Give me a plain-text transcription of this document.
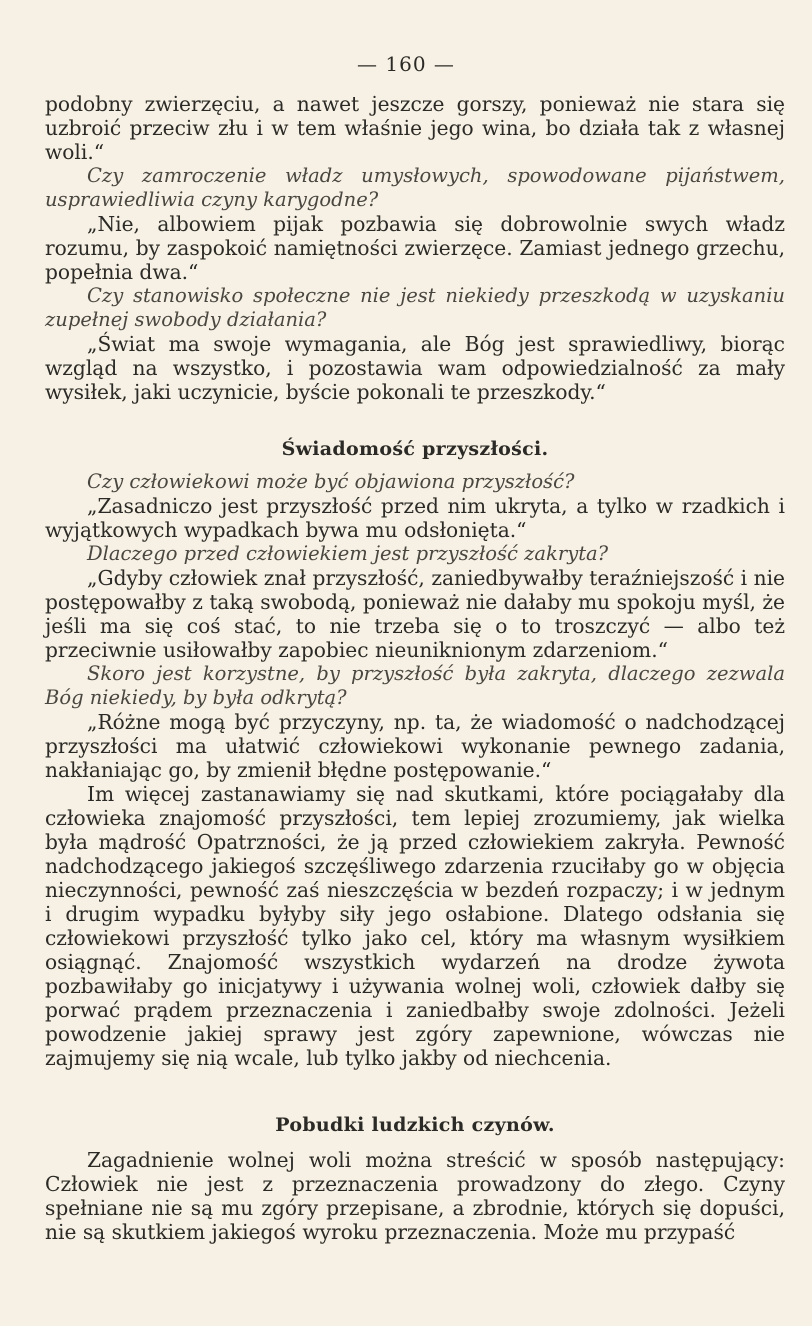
— 160 —

podobny zwierzęciu, a nawet jeszcze gorszy, ponieważ nie stara się uzbroić przeciw złu i w tem właśnie jego wina, bo działa tak z własnej woli.“

Czy zamroczenie władz umysłowych, spowodowane pijaństwem, usprawiedliwia czyny karygodne?

„Nie, albowiem pijak pozbawia się dobrowolnie swych władz rozumu, by zaspokoić namiętności zwierzęce. Zamiast jednego grzechu, popełnia dwa.“

Czy stanowisko społeczne nie jest niekiedy przeszkodą w uzyskaniu zupełnej swobody działania?

„Świat ma swoje wymagania, ale Bóg jest sprawiedliwy, biorąc wzgląd na wszystko, i pozostawia wam odpowiedzialność za mały wysiłek, jaki uczynicie, byście pokonali te przeszkody.“

Świadomość przyszłości.

Czy człowiekowi może być objawiona przyszłość?

„Zasadniczo jest przyszłość przed nim ukryta, a tylko w rzadkich i wyjątkowych wypadkach bywa mu odsłonięta.“

Dlaczego przed człowiekiem jest przyszłość zakryta?

„Gdyby człowiek znał przyszłość, zaniedbywałby teraźniejszość i nie postępowałby z taką swobodą, ponieważ nie dałaby mu spokoju myśl, że jeśli ma się coś stać, to nie trzeba się o to troszczyć — albo też przeciwnie usiłowałby zapobiec nieuniknionym zdarzeniom.“

Skoro jest korzystne, by przyszłość była zakryta, dlaczego zezwala Bóg niekiedy, by była odkrytą?

„Różne mogą być przyczyny, np. ta, że wiadomość o nadchodzącej przyszłości ma ułatwić człowiekowi wykonanie pewnego zadania, nakłaniając go, by zmienił błędne postępowanie.“

Im więcej zastanawiamy się nad skutkami, które pociągałaby dla człowieka znajomość przyszłości, tem lepiej zrozumiemy, jak wielka była mądrość Opatrzności, że ją przed człowiekiem zakryła. Pewność nadchodzącego jakiegoś szczęśliwego zdarzenia rzuciłaby go w objęcia nieczynności, pewność zaś nieszczęścia w bezdeń rozpaczy; i w jednym i drugim wypadku byłyby siły jego osłabione. Dlatego odsłania się człowiekowi przyszłość tylko jako cel, który ma własnym wysiłkiem osiągnąć. Znajomość wszystkich wydarzeń na drodze żywota pozbawiłaby go inicjatywy i używania wolnej woli, człowiek dałby się porwać prądem przeznaczenia i zaniedbałby swoje zdolności. Jeżeli powodzenie jakiej sprawy jest zgóry zapewnione, wówczas nie zajmujemy się nią wcale, lub tylko jakby od niechcenia.

Pobudki ludzkich czynów.

Zagadnienie wolnej woli można streścić w sposób następujący: Człowiek nie jest z przeznaczenia prowadzony do złego. Czyny spełniane nie są mu zgóry przepisane, a zbrodnie, których się dopuści, nie są skutkiem jakiegoś wyroku przeznaczenia. Może mu przypaść
